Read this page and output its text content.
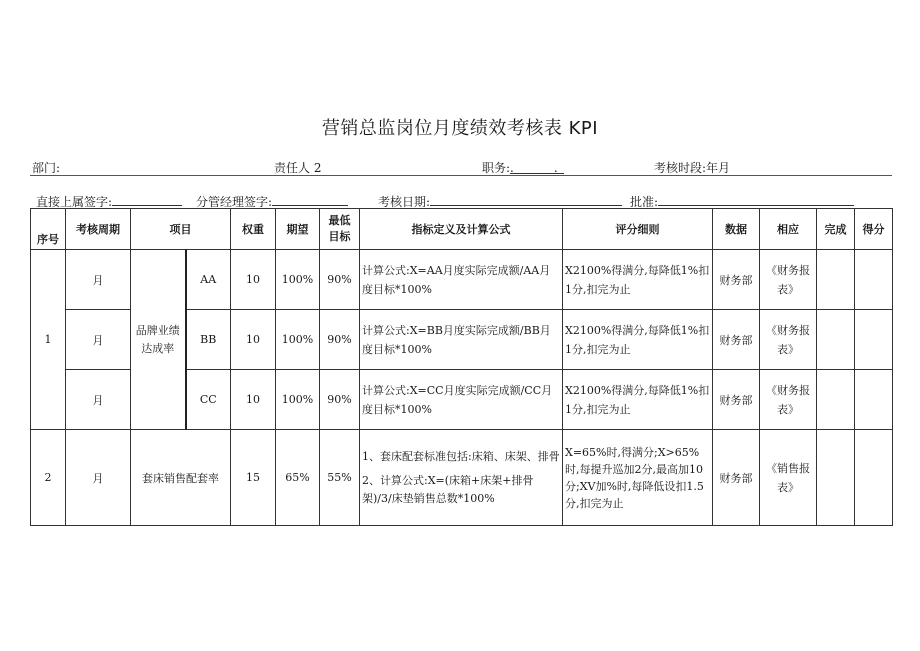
营销总监岗位月度绩效考核表 KPI
部门:	责任人 2	职务:.	.	考核时段:年月
直接上属签字:	分管经理签字:	考核日期:	批准:
序号	考核周期	项目		权重	期望	最低目标	指标定义及计算公式	评分细则	数据	相应	完成	得分
1	月	品牌业绩达成率	AA	10	100%	90%	计算公式:X=AA月度实际完成额/AA月度目标*100%	X2100%得满分,每降低1%扣1分,扣完为止	财务部	《财务报表》		
	月		BB	10	100%	90%	计算公式:X=BB月度实际完成额/BB月度目标*100%	X2100%得满分,每降低1%扣1分,扣完为止	财务部	《财务报表》		
	月		CC	10	100%	90%	计算公式:X=CC月度实际完成额/CC月度目标*100%	X2100%得满分,每降低1%扣1分,扣完为止	财务部	《财务报表》		
2	月	套床销售配套率		15	65%	55%	1、套床配套标准包括:床箱、床架、排骨
2、计算公式:X=(床箱+床架+排骨架)/3/床垫销售总数*100%	X=65%时,得满分;X>65%时,每提升巡加2分,最高加10分;XV加%时,每降低设扣1.5分,扣完为止	财务部	《销售报表》		
